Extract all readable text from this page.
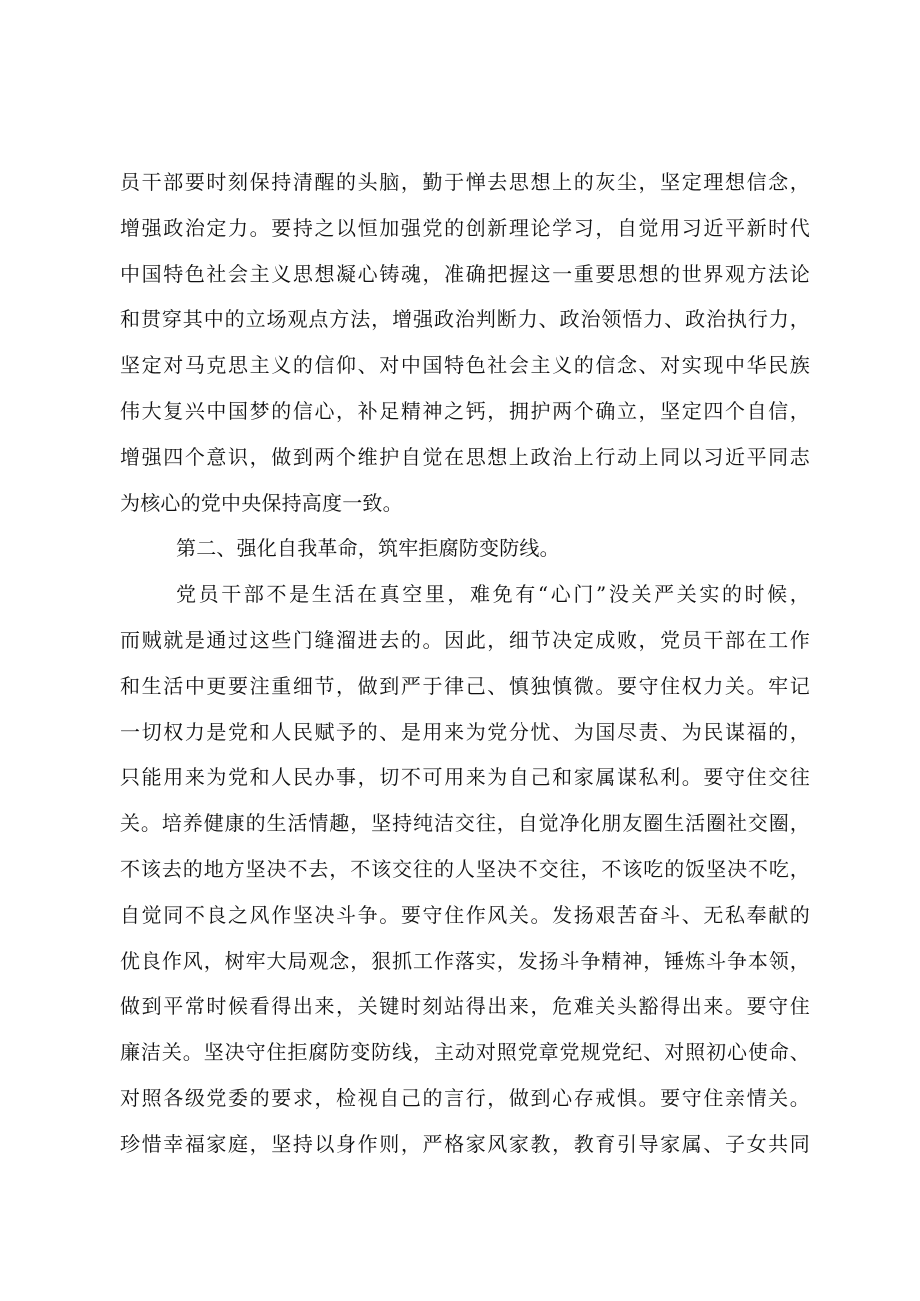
员干部要时刻保持清醒的头脑，勤于惮去思想上的灰尘，坚定理想信念，
增强政治定力。要持之以恒加强党的创新理论学习，自觉用习近平新时代
中国特色社会主义思想凝心铸魂，准确把握这一重要思想的世界观方法论
和贯穿其中的立场观点方法，增强政治判断力、政治领悟力、政治执行力，
坚定对马克思主义的信仰、对中国特色社会主义的信念、对实现中华民族
伟大复兴中国梦的信心，补足精神之钙，拥护两个确立，坚定四个自信，
增强四个意识，做到两个维护自觉在思想上政治上行动上同以习近平同志
为核心的党中央保持高度一致。
第二、强化自我革命，筑牢拒腐防变防线。
党员干部不是生活在真空里，难免有“心门”没关严关实的时候，
而贼就是通过这些门缝溜进去的。因此，细节决定成败，党员干部在工作
和生活中更要注重细节，做到严于律己、慎独慎微。要守住权力关。牢记
一切权力是党和人民赋予的、是用来为党分忧、为国尽责、为民谋福的，
只能用来为党和人民办事，切不可用来为自己和家属谋私利。要守住交往
关。培养健康的生活情趣，坚持纯洁交往，自觉净化朋友圈生活圈社交圈，
不该去的地方坚决不去，不该交往的人坚决不交往，不该吃的饭坚决不吃，
自觉同不良之风作坚决斗争。要守住作风关。发扬艰苦奋斗、无私奉献的
优良作风，树牢大局观念，狠抓工作落实，发扬斗争精神，锤炼斗争本领，
做到平常时候看得出来，关键时刻站得出来，危难关头豁得出来。要守住
廉洁关。坚决守住拒腐防变防线，主动对照党章党规党纪、对照初心使命、
对照各级党委的要求，检视自己的言行，做到心存戒惧。要守住亲情关。
珍惜幸福家庭，坚持以身作则，严格家风家教，教育引导家属、子女共同
